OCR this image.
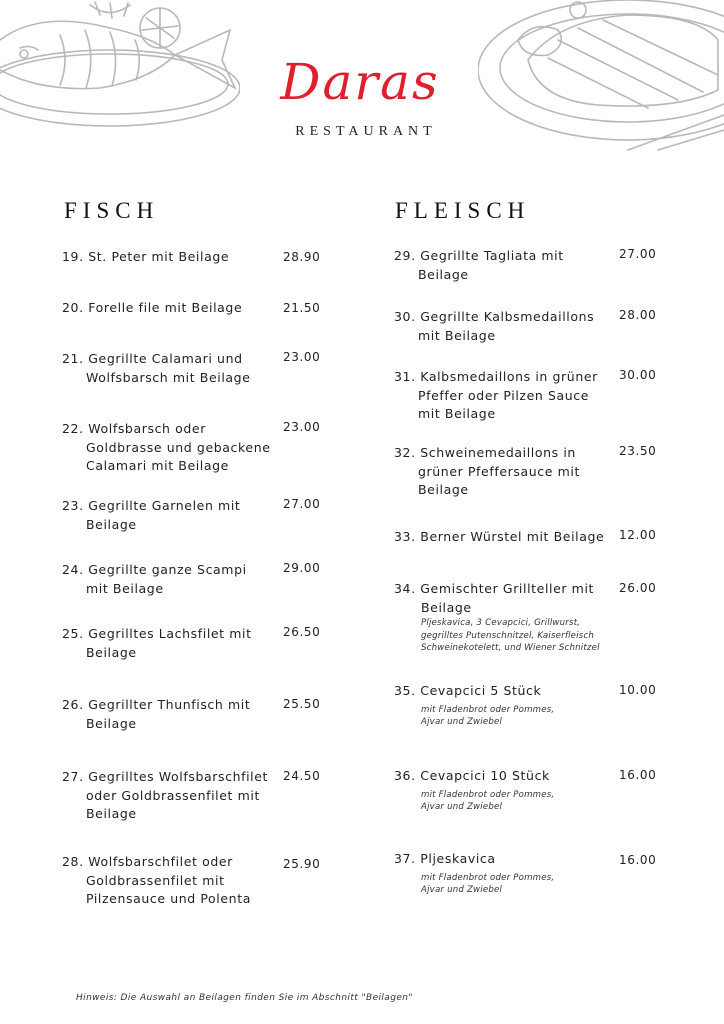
Daras
RESTAURANT
FISCH	FLEISCH
19. St. Peter mit Beilage	28.90
20. Forelle file mit Beilage	21.50
21. Gegrillte Calamari und
Wolfsbarsch mit Beilage
23.00
22. Wolfsbarsch oder
Goldbrasse und gebackene
Calamari mit Beilage
23.00
23. Gegrillte Garnelen mit
Beilage
27.00
24. Gegrillte ganze Scampi
mit Beilage
29.00
25. Gegrilltes Lachsfilet mit
Beilage
26.50
26. Gegrillter Thunfisch mit
Beilage
25.50
27. Gegrilltes Wolfsbarschfilet
oder Goldbrassenfilet mit
Beilage
24.50
28. Wolfsbarschfilet oder
Goldbrassenfilet mit
Pilzensauce und Polenta
25.90
29. Gegrillte Tagliata mit
Beilage
27.00
30. Gegrillte Kalbsmedaillons
mit Beilage
28.00
31. Kalbsmedaillons in grüner
Pfeffer oder Pilzen Sauce
mit Beilage
30.00
32. Schweinemedaillons in
grüner Pfeffersauce mit
Beilage
23.50
33. Berner Würstel mit Beilage 12.00
34. Gemischter Grillteller mit
Beilage
Pljeskavica, 3 Cevapcici, Grillwurst,
gegrilltes Putenschnitzel, Kaiserfleisch
Schweinekotelett, und Wiener Schnitzel
26.00
35. Cevapcici 5 Stück
mit Fladenbrot oder Pommes,
Ajvar und Zwiebel
10.00
36. Cevapcici 10 Stück
mit Fladenbrot oder Pommes,
Ajvar und Zwiebel
16.00
37. Pljeskavica
mit Fladenbrot oder Pommes,
Ajvar und Zwiebel
16.00
Hinweis: Die Auswahl an Beilagen finden Sie im Abschnitt "Beilagen"
